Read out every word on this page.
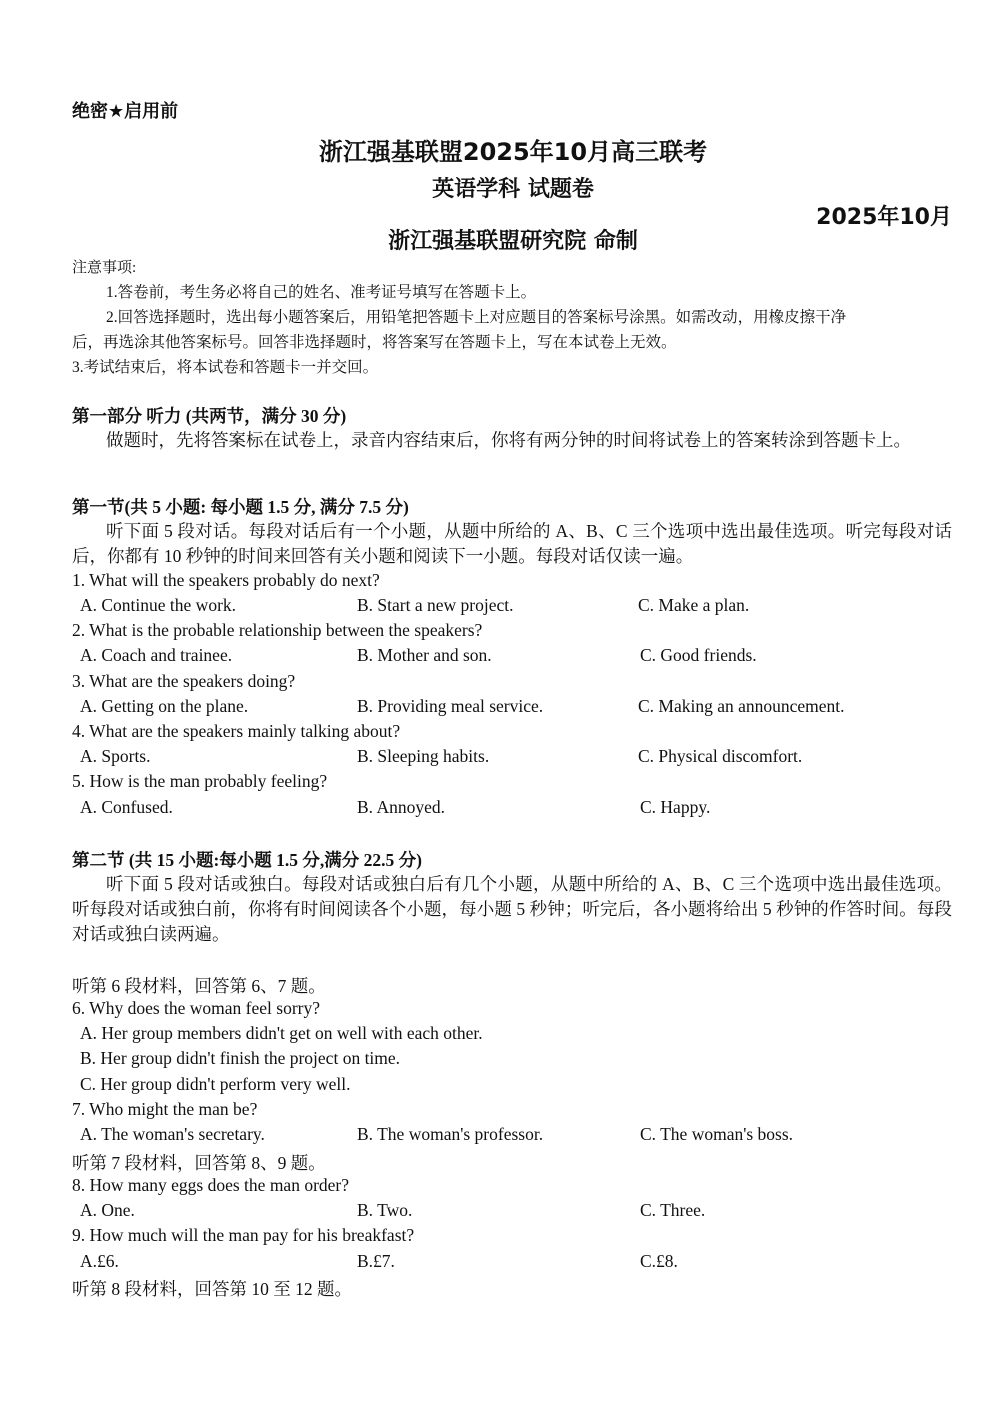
绝密★启用前
浙江强基联盟2025年10月高三联考
英语学科 试题卷
2025年10月
浙江强基联盟研究院 命制
注意事项:
1.答卷前，考生务必将自己的姓名、准考证号填写在答题卡上。
2.回答选择题时，选出每小题答案后，用铅笔把答题卡上对应题目的答案标号涂黑。如需改动，用橡皮擦干净
后，再选涂其他答案标号。回答非选择题时，将答案写在答题卡上，写在本试卷上无效。
3.考试结束后，将本试卷和答题卡一并交回。
第一部分 听力 (共两节，满分 30 分)
做题时，先将答案标在试卷上，录音内容结束后，你将有两分钟的时间将试卷上的答案转涂到答题卡上。
第一节(共 5 小题: 每小题 1.5 分, 满分 7.5 分)
听下面 5 段对话。每段对话后有一个小题，从题中所给的 A、B、C 三个选项中选出最佳选项。听完每段对话后，你都有 10 秒钟的时间来回答有关小题和阅读下一小题。每段对话仅读一遍。
1. What will the speakers probably do next?
A. Continue the work.	B. Start a new project.	C. Make a plan.
2. What is the probable relationship between the speakers?
A. Coach and trainee.	B. Mother and son.	C. Good friends.
3. What are the speakers doing?
A. Getting on the plane.	B. Providing meal service.	C. Making an announcement.
4. What are the speakers mainly talking about?
A. Sports.	B. Sleeping habits.	C. Physical discomfort.
5. How is the man probably feeling?
A. Confused.	B. Annoyed.	C. Happy.
第二节 (共 15 小题:每小题 1.5 分,满分 22.5 分)
听下面 5 段对话或独白。每段对话或独白后有几个小题，从题中所给的 A、B、C 三个选项中选出最佳选项。听每段对话或独白前，你将有时间阅读各个小题，每小题 5 秒钟；听完后，各小题将给出 5 秒钟的作答时间。每段对话或独白读两遍。
听第 6 段材料，回答第 6、7 题。
6. Why does the woman feel sorry?
A. Her group members didn't get on well with each other.
B. Her group didn't finish the project on time.
C. Her group didn't perform very well.
7. Who might the man be?
A. The woman's secretary.	B. The woman's professor.	C. The woman's boss.
听第 7 段材料，回答第 8、9 题。
8. How many eggs does the man order?
A. One.	B. Two.	C. Three.
9. How much will the man pay for his breakfast?
A.£6.	B.£7.	C.£8.
听第 8 段材料，回答第 10 至 12 题。
